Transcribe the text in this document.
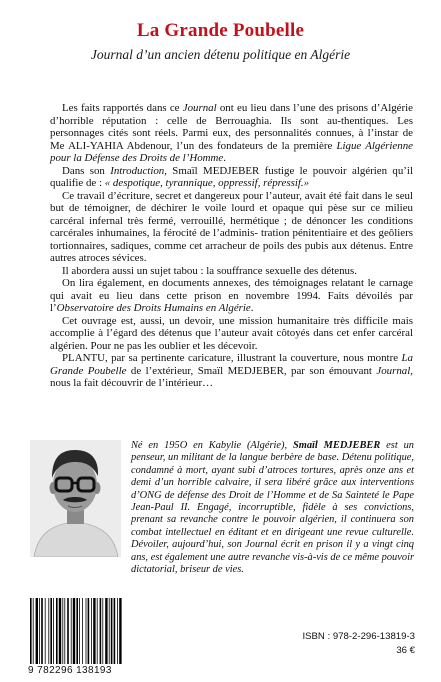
La Grande Poubelle
Journal d’un ancien détenu politique en Algérie

Les faits rapportés dans ce Journal ont eu lieu dans l’une des prisons d’Algérie d’horrible réputation : celle de Berrouaghia. Ils sont au-thentiques. Les personnages cités sont réels. Parmi eux, des personnalités connues, à l’instar de Me ALI-YAHIA Abdenour, l’un des fondateurs de la première Ligue Algérienne pour la Défense des Droits de l’Homme.

Dans son Introduction, Smaïl MEDJEBER fustige le pouvoir algérien qu’il qualifie de : « despotique, tyrannique, oppressif, répressif.»

Ce travail d’écriture, secret et dangereux pour l’auteur, avait été fait dans le seul but de témoigner, de déchirer le voile lourd et opaque qui pèse sur ce milieu carcéral infernal très fermé, verrouillé, hermétique ; de dénoncer les conditions carcérales inhumaines, la férocité de l’adminis- tration pénitentiaire et des geôliers tortionnaires, sadiques, comme cet arracheur de poils des pubis aux détenus. Entre autres atroces sévices.

Il abordera aussi un sujet tabou : la souffrance sexuelle des détenus.

On lira également, en documents annexes, des témoignages relatant le carnage qui avait eu lieu dans cette prison en novembre 1994. Faits dévoilés par l’Observatoire des Droits Humains en Algérie.

Cet ouvrage est, aussi, un devoir, une mission humanitaire très difficile mais accomplie à l’égard des détenus que l’auteur avait côtoyés dans cet enfer carcéral algérien. Pour ne pas les oublier et les décevoir.

PLANTU, par sa pertinente caricature, illustrant la couverture, nous montre La Grande Poubelle de l’extérieur, Smaïl MEDJEBER, par son émouvant Journal, nous la fait découvrir de l’intérieur…

Né en 195O en Kabylie (Algérie), Smaïl MEDJEBER est un penseur, un militant de la langue berbère de base. Détenu politique, condamné à mort, ayant subi d’atroces tortures, après onze ans et demi d’un horrible calvaire, il sera libéré grâce aux interventions d’ONG de défense des Droit de l’Homme et de Sa Sainteté le Pape Jean-Paul II. Engagé, incorruptible, fidèle à ses convictions, prenant sa revanche contre le pouvoir algérien, il continuera son combat intellectuel en éditant et en dirigeant une revue culturelle. Dévoiler, aujourd’hui, son Journal écrit en prison il y a vingt cinq ans, est également une autre revanche vis-à-vis de ce même pouvoir dictatorial, briseur de vies.
9 782296 138193
ISBN : 978-2-296-13819-3
36 €
